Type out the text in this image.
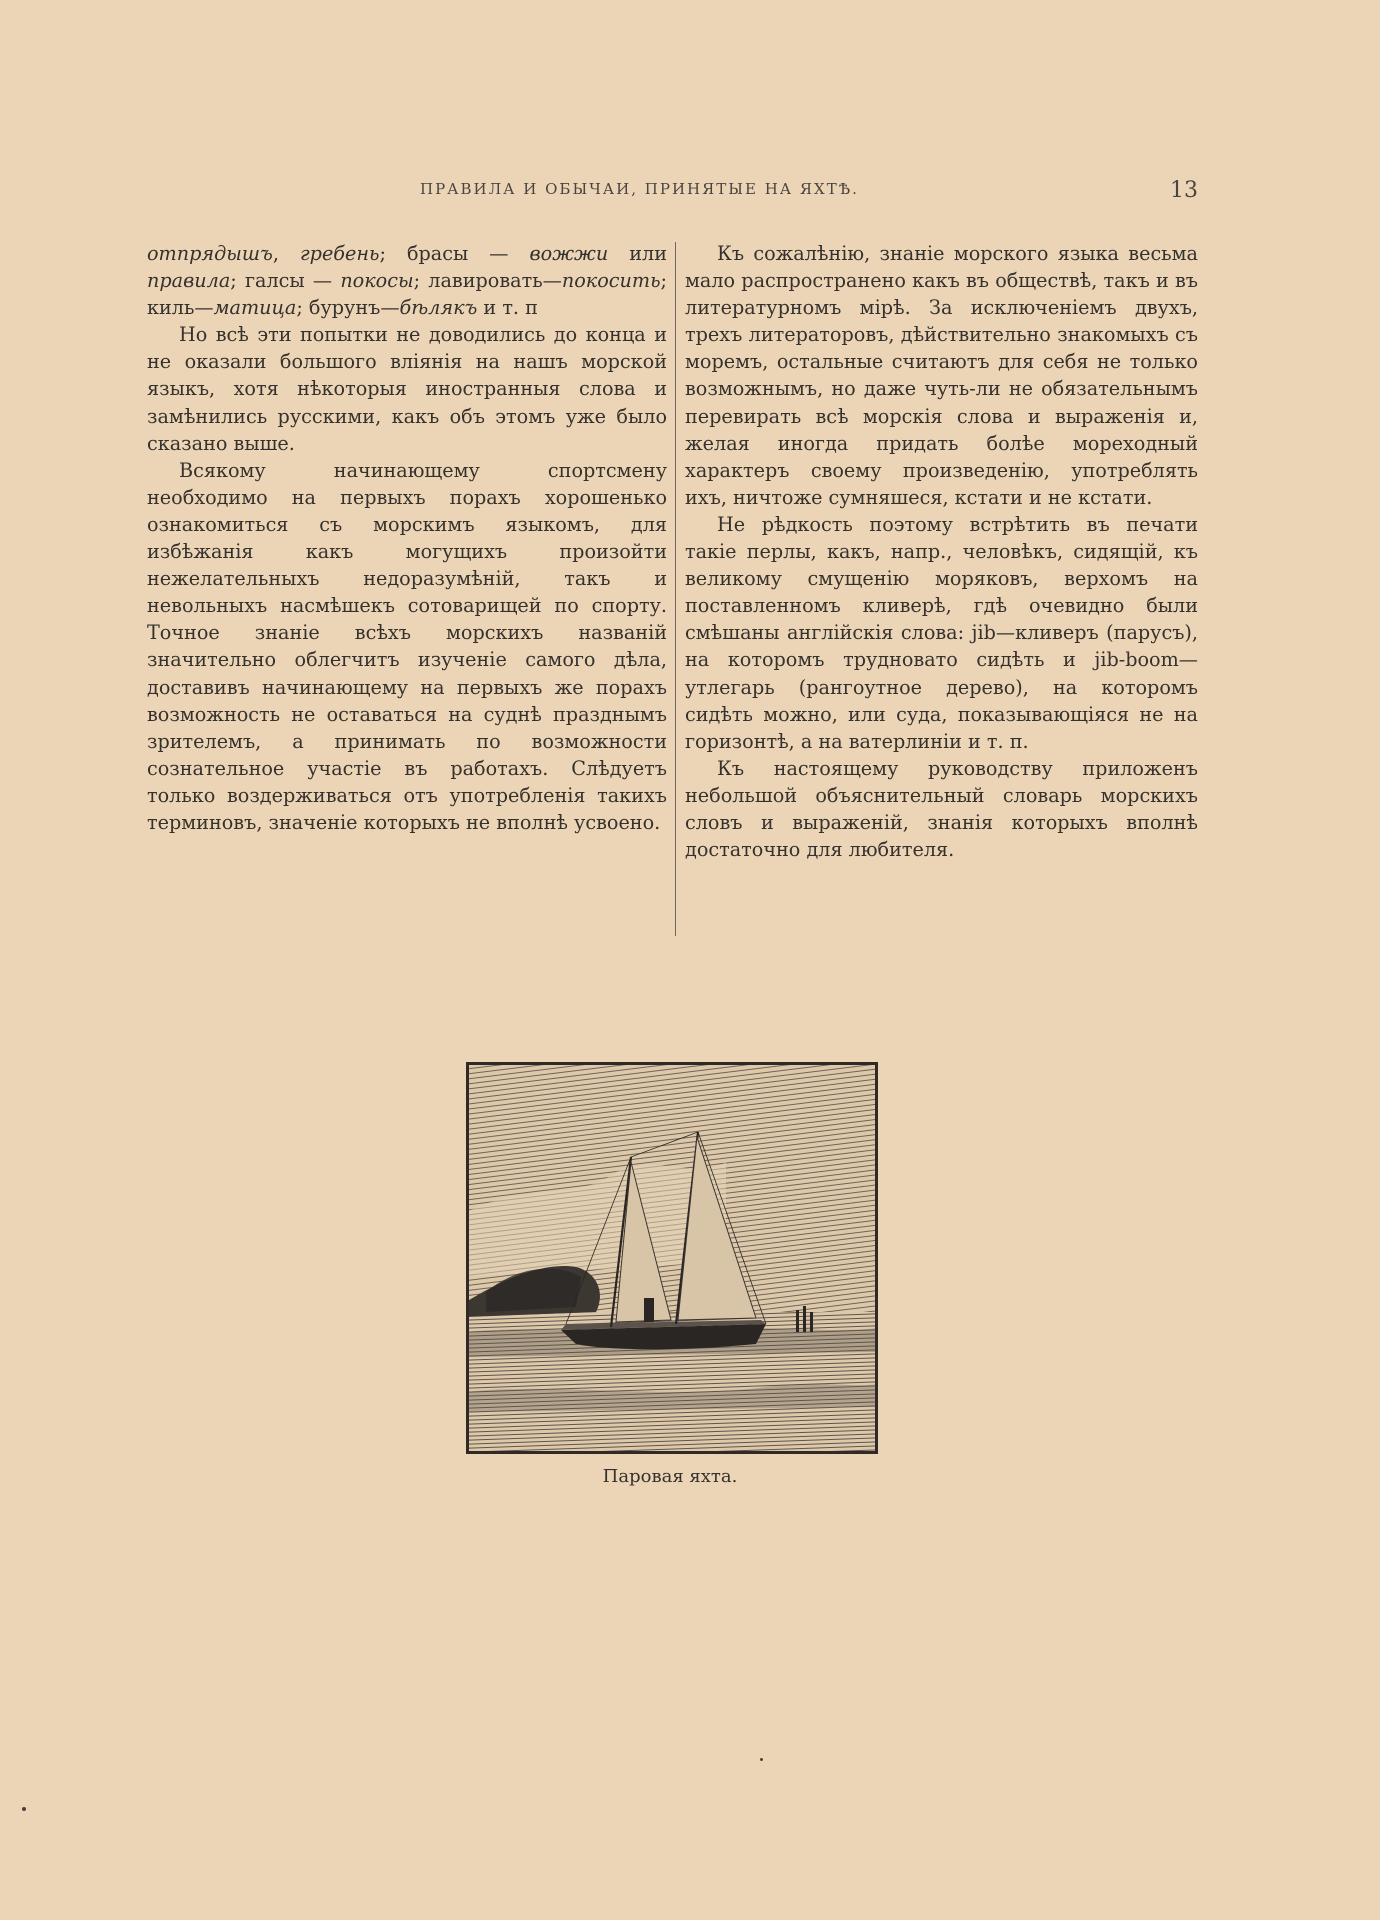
ПРАВИЛА И ОБЫЧАИ, ПРИНЯТЫЕ НА ЯХТѢ.	13

отпрядышъ, гребень; брасы — вожжи или правила; галсы — покосы; лавировать—покосить; киль—матица; бурунъ—бѣлякъ и т. п

Но всѣ эти попытки не доводились до конца и не оказали большого вліянія на нашъ морской языкъ, хотя нѣкоторыя иностранныя слова и замѣнились русскими, какъ объ этомъ уже было сказано выше.

Всякому начинающему спортсмену необходимо на первыхъ порахъ хорошенько ознакомиться съ морскимъ языкомъ, для избѣжанія какъ могущихъ произойти нежелательныхъ недоразумѣній, такъ и невольныхъ насмѣшекъ сотоварищей по спорту. Точное знаніе всѣхъ морскихъ названій значительно облегчитъ изученіе самого дѣла, доставивъ начинающему на первыхъ же порахъ возможность не оставаться на суднѣ празднымъ зрителемъ, а принимать по возможности сознательное участіе въ работахъ. Слѣдуетъ только воздерживаться отъ употребленія такихъ терминовъ, значеніе которыхъ не вполнѣ усвоено.

Къ сожалѣнію, знаніе морского языка весьма мало распространено какъ въ обществѣ, такъ и въ литературномъ мірѣ. За исключеніемъ двухъ, трехъ литераторовъ, дѣйствительно знакомыхъ съ моремъ, остальные считаютъ для себя не только возможнымъ, но даже чуть-ли не обязательнымъ перевирать всѣ морскія слова и выраженія и, желая иногда придать болѣе мореходный характеръ своему произведенію, употреблять ихъ, ничтоже сумняшеся, кстати и не кстати.

Не рѣдкость поэтому встрѣтить въ печати такіе перлы, какъ, напр., человѣкъ, сидящій, къ великому смущенію моряковъ, верхомъ на поставленномъ кливерѣ, гдѣ очевидно были смѣшаны англійскія слова: jib—кливеръ (парусъ), на которомъ трудновато сидѣть и jib-boom—утлегарь (рангоутное дерево), на которомъ сидѣть можно, или суда, показывающіяся не на горизонтѣ, а на ватерлиніи и т. п.

Къ настоящему руководству приложенъ небольшой объяснительный словарь морскихъ словъ и выраженій, знанія которыхъ вполнѣ достаточно для любителя.

Паровая яхта.
